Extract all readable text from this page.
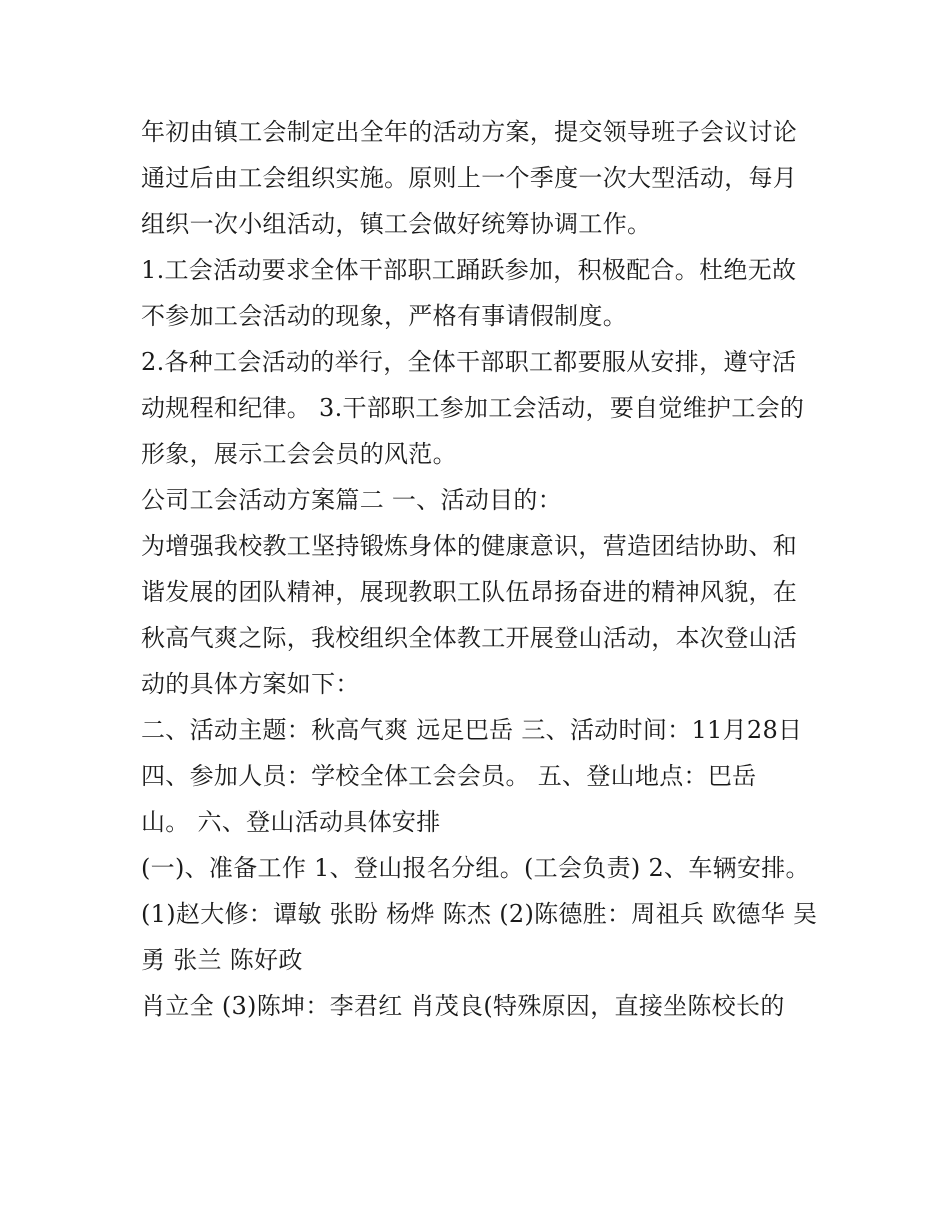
年初由镇工会制定出全年的活动方案，提交领导班子会议讨论
通过后由工会组织实施。原则上一个季度一次大型活动，每月
组织一次小组活动，镇工会做好统筹协调工作。
1.工会活动要求全体干部职工踊跃参加，积极配合。杜绝无故
不参加工会活动的现象，严格有事请假制度。
2.各种工会活动的举行，全体干部职工都要服从安排，遵守活
动规程和纪律。 3.干部职工参加工会活动，要自觉维护工会的
形象，展示工会会员的风范。
公司工会活动方案篇二 一、活动目的：
为增强我校教工坚持锻炼身体的健康意识，营造团结协助、和
谐发展的团队精神，展现教职工队伍昂扬奋进的精神风貌，在
秋高气爽之际，我校组织全体教工开展登山活动，本次登山活
动的具体方案如下：
二、活动主题：秋高气爽 远足巴岳 三、活动时间：11月28日
四、参加人员：学校全体工会会员。 五、登山地点：巴岳
山。 六、登山活动具体安排
(一)、准备工作 1、登山报名分组。(工会负责) 2、车辆安排。
(1)赵大修：谭敏 张盼 杨烨 陈杰 (2)陈德胜：周祖兵 欧德华 吴
勇 张兰 陈好政
肖立全 (3)陈坤：李君红 肖茂良(特殊原因，直接坐陈校长的
